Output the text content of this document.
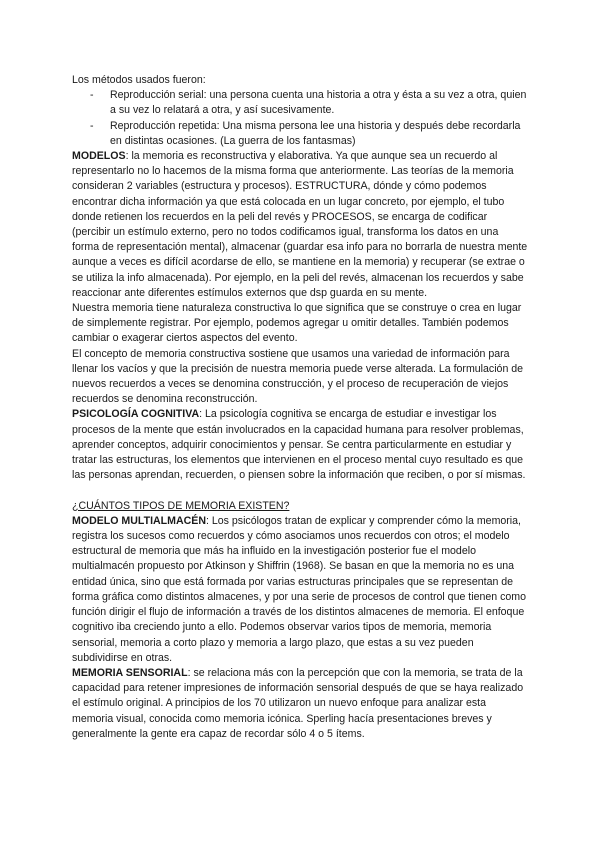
Los métodos usados fueron:

- Reproducción serial: una persona cuenta una historia a otra y ésta a su vez a otra, quien a su vez lo relatará a otra, y así sucesivamente.
- Reproducción repetida: Una misma persona lee una historia y después debe recordarla en distintas ocasiones. (La guerra de los fantasmas)

MODELOS: la memoria es reconstructiva y elaborativa. Ya que aunque sea un recuerdo al representarlo no lo hacemos de la misma forma que anteriormente. Las teorías de la memoria consideran 2 variables (estructura y procesos). ESTRUCTURA, dónde y cómo podemos encontrar dicha información ya que está colocada en un lugar concreto, por ejemplo, el tubo donde retienen los recuerdos en la peli del revés y PROCESOS, se encarga de codificar (percibir un estímulo externo, pero no todos codificamos igual, transforma los datos en una forma de representación mental), almacenar (guardar esa info para no borrarla de nuestra mente aunque a veces es difícil acordarse de ello, se mantiene en la memoria) y recuperar (se extrae o se utiliza la info almacenada). Por ejemplo, en la peli del revés, almacenan los recuerdos y sabe reaccionar ante diferentes estímulos externos que dsp guarda en su mente.

Nuestra memoria tiene naturaleza constructiva lo que significa que se construye o crea en lugar de simplemente registrar. Por ejemplo, podemos agregar u omitir detalles. También podemos cambiar o exagerar ciertos aspectos del evento.

El concepto de memoria constructiva sostiene que usamos una variedad de información para llenar los vacíos y que la precisión de nuestra memoria puede verse alterada. La formulación de nuevos recuerdos a veces se denomina construcción, y el proceso de recuperación de viejos recuerdos se denomina reconstrucción.

PSICOLOGÍA COGNITIVA: La psicología cognitiva se encarga de estudiar e investigar los procesos de la mente que están involucrados en la capacidad humana para resolver problemas, aprender conceptos, adquirir conocimientos y pensar. Se centra particularmente en estudiar y tratar las estructuras, los elementos que intervienen en el proceso mental cuyo resultado es que las personas aprendan, recuerden, o piensen sobre la información que reciben, o por sí mismas.

¿CUÁNTOS TIPOS DE MEMORIA EXISTEN?

MODELO MULTIALMACÉN: Los psicólogos tratan de explicar y comprender cómo la memoria, registra los sucesos como recuerdos y cómo asociamos unos recuerdos con otros; el modelo estructural de memoria que más ha influido en la investigación posterior fue el modelo multialmacén propuesto por Atkinson y Shiffrin (1968). Se basan en que la memoria no es una entidad única, sino que está formada por varias estructuras principales que se representan de forma gráfica como distintos almacenes, y por una serie de procesos de control que tienen como función dirigir el flujo de información a través de los distintos almacenes de memoria. El enfoque cognitivo iba creciendo junto a ello. Podemos observar varios tipos de memoria, memoria sensorial, memoria a corto plazo y memoria a largo plazo, que estas a su vez pueden subdividirse en otras.

MEMORIA SENSORIAL: se relaciona más con la percepción que con la memoria, se trata de la capacidad para retener impresiones de información sensorial después de que se haya realizado el estímulo original. A principios de los 70 utilizaron un nuevo enfoque para analizar esta memoria visual, conocida como memoria icónica. Sperling hacía presentaciones breves y generalmente la gente era capaz de recordar sólo 4 o 5 ítems.
